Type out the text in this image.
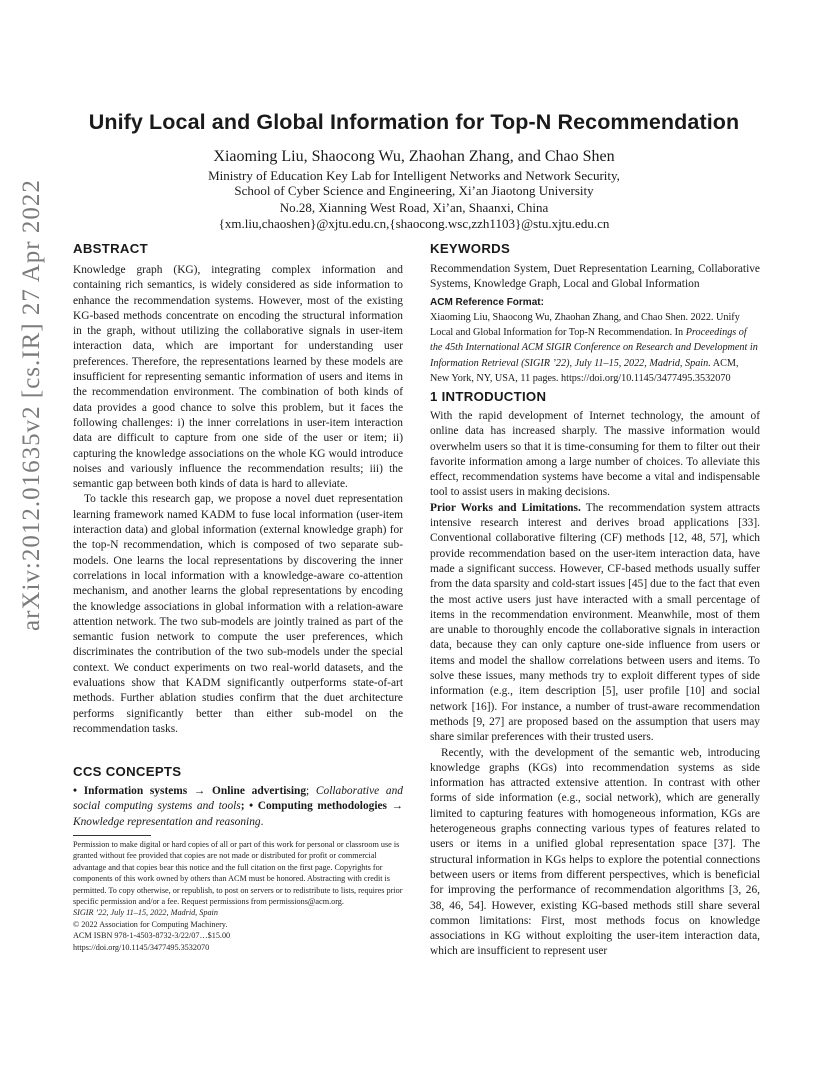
arXiv:2012.01635v2 [cs.IR] 27 Apr 2022
Unify Local and Global Information for Top-N Recommendation
Xiaoming Liu, Shaocong Wu, Zhaohan Zhang, and Chao Shen
Ministry of Education Key Lab for Intelligent Networks and Network Security,
School of Cyber Science and Engineering, Xi’an Jiaotong University
No.28, Xianning West Road, Xi’an, Shaanxi, China
{xm.liu,chaoshen}@xjtu.edu.cn,{shaocong.wsc,zzh1103}@stu.xjtu.edu.cn
ABSTRACT

Knowledge graph (KG), integrating complex information and containing rich semantics, is widely considered as side information to enhance the recommendation systems. However, most of the existing KG-based methods concentrate on encoding the structural information in the graph, without utilizing the collaborative signals in user-item interaction data, which are important for understanding user preferences. Therefore, the representations learned by these models are insufficient for representing semantic information of users and items in the recommendation environment. The combination of both kinds of data provides a good chance to solve this problem, but it faces the following challenges: i) the inner correlations in user-item interaction data are difficult to capture from one side of the user or item; ii) capturing the knowledge associations on the whole KG would introduce noises and variously influence the recommendation results; iii) the semantic gap between both kinds of data is hard to alleviate.

To tackle this research gap, we propose a novel duet representation learning framework named KADM to fuse local information (user-item interaction data) and global information (external knowledge graph) for the top-N recommendation, which is composed of two separate sub-models. One learns the local representations by discovering the inner correlations in local information with a knowledge-aware co-attention mechanism, and another learns the global representations by encoding the knowledge associations in global information with a relation-aware attention network. The two sub-models are jointly trained as part of the semantic fusion network to compute the user preferences, which discriminates the contribution of the two sub-models under the special context. We conduct experiments on two real-world datasets, and the evaluations show that KADM significantly outperforms state-of-art methods. Further ablation studies confirm that the duet architecture performs significantly better than either sub-model on the recommendation tasks.

CCS CONCEPTS

• Information systems → Online advertising; Collaborative and social computing systems and tools; • Computing methodologies → Knowledge representation and reasoning.

Permission to make digital or hard copies of all or part of this work for personal or classroom use is granted without fee provided that copies are not made or distributed for profit or commercial advantage and that copies bear this notice and the full citation on the first page. Copyrights for components of this work owned by others than ACM must be honored. Abstracting with credit is permitted. To copy otherwise, or republish, to post on servers or to redistribute to lists, requires prior specific permission and/or a fee. Request permissions from permissions@acm.org.
SIGIR ’22, July 11–15, 2022, Madrid, Spain
© 2022 Association for Computing Machinery.
ACM ISBN 978-1-4503-8732-3/22/07…$15.00
https://doi.org/10.1145/3477495.3532070
KEYWORDS

Recommendation System, Duet Representation Learning, Collaborative Systems, Knowledge Graph, Local and Global Information

ACM Reference Format:
Xiaoming Liu, Shaocong Wu, Zhaohan Zhang, and Chao Shen. 2022. Unify Local and Global Information for Top-N Recommendation. In Proceedings of the 45th International ACM SIGIR Conference on Research and Development in Information Retrieval (SIGIR ’22), July 11–15, 2022, Madrid, Spain. ACM, New York, NY, USA, 11 pages. https://doi.org/10.1145/3477495.3532070
1 INTRODUCTION

With the rapid development of Internet technology, the amount of online data has increased sharply. The massive information would overwhelm users so that it is time-consuming for them to filter out their favorite information among a large number of choices. To alleviate this effect, recommendation systems have become a vital and indispensable tool to assist users in making decisions.

Prior Works and Limitations. The recommendation system attracts intensive research interest and derives broad applications [33]. Conventional collaborative filtering (CF) methods [12, 48, 57], which provide recommendation based on the user-item interaction data, have made a significant success. However, CF-based methods usually suffer from the data sparsity and cold-start issues [45] due to the fact that even the most active users just have interacted with a small percentage of items in the recommendation environment. Meanwhile, most of them are unable to thoroughly encode the collaborative signals in interaction data, because they can only capture one-side influence from users or items and model the shallow correlations between users and items. To solve these issues, many methods try to exploit different types of side information (e.g., item description [5], user profile [10] and social network [16]). For instance, a number of trust-aware recommendation methods [9, 27] are proposed based on the assumption that users may share similar preferences with their trusted users.

Recently, with the development of the semantic web, introducing knowledge graphs (KGs) into recommendation systems as side information has attracted extensive attention. In contrast with other forms of side information (e.g., social network), which are generally limited to capturing features with homogeneous information, KGs are heterogeneous graphs connecting various types of features related to users or items in a unified global representation space [37]. The structural information in KGs helps to explore the potential connections between users or items from different perspectives, which is beneficial for improving the performance of recommendation algorithms [3, 26, 38, 46, 54]. However, existing KG-based methods still share several common limitations: First, most methods focus on knowledge associations in KG without exploiting the user-item interaction data, which are insufficient to represent user
